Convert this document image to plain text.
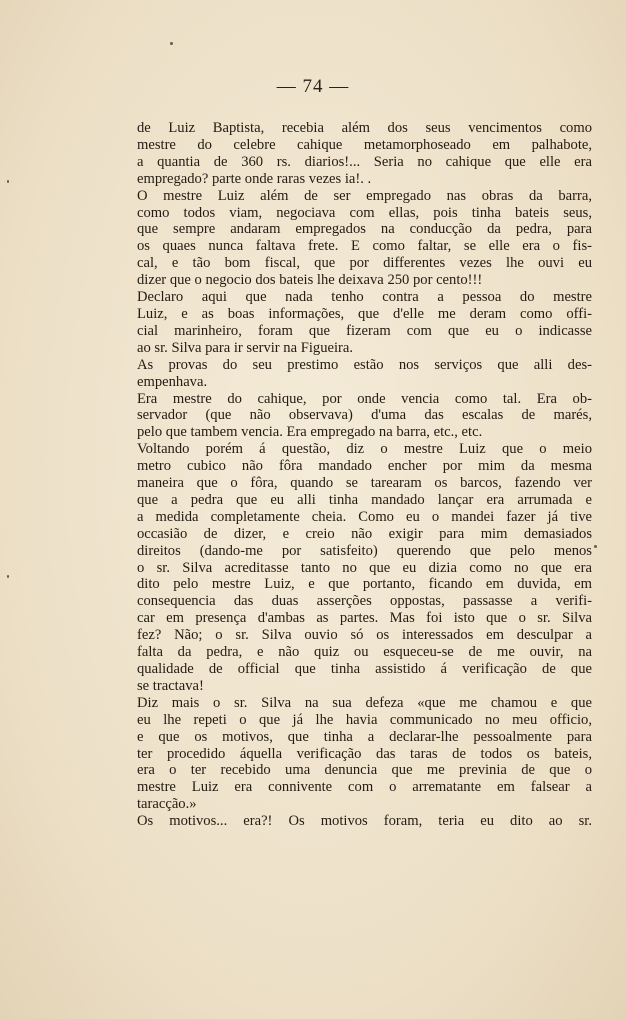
— 74 —
de Luiz Baptista, recebia além dos seus vencimentos como
mestre do celebre cahique metamorphoseado em palhabote,
a quantia de 360 rs. diarios!... Seria no cahique que elle era
empregado? parte onde raras vezes ia!. .
O mestre Luiz além de ser empregado nas obras da barra,
como todos viam, negociava com ellas, pois tinha bateis seus,
que sempre andaram empregados na conducção da pedra, para
os quaes nunca faltava frete. E como faltar, se elle era o fis-
cal, e tão bom fiscal, que por differentes vezes lhe ouvi eu
dizer que o negocio dos bateis lhe deixava 250 por cento!!!
Declaro aqui que nada tenho contra a pessoa do mestre
Luiz, e as boas informações, que d'elle me deram como offi-
cial marinheiro, foram que fizeram com que eu o indicasse
ao sr. Silva para ir servir na Figueira.
As provas do seu prestimo estão nos serviços que alli des-
empenhava.
Era mestre do cahique, por onde vencia como tal. Era ob-
servador (que não observava) d'uma das escalas de marés,
pelo que tambem vencia. Era empregado na barra, etc., etc.
Voltando porém á questão, diz o mestre Luiz que o meio
metro cubico não fôra mandado encher por mim da mesma
maneira que o fôra, quando se tarearam os barcos, fazendo ver
que a pedra que eu alli tinha mandado lançar era arrumada e
a medida completamente cheia. Como eu o mandei fazer já tive
occasião de dizer, e creio não exigir para mim demasiados
direitos (dando-me por satisfeito) querendo que pelo menos
o sr. Silva acreditasse tanto no que eu dizia como no que era
dito pelo mestre Luiz, e que portanto, ficando em duvida, em
consequencia das duas asserções oppostas, passasse a verifi-
car em presença d'ambas as partes. Mas foi isto que o sr. Silva
fez? Não; o sr. Silva ouvio só os interessados em desculpar a
falta da pedra, e não quiz ou esqueceu-se de me ouvir, na
qualidade de official que tinha assistido á verificação de que
se tractava!
Diz mais o sr. Silva na sua defeza «que me chamou e que
eu lhe repeti o que já lhe havia communicado no meu officio,
e que os motivos, que tinha a declarar-lhe pessoalmente para
ter procedido áquella verificação das taras de todos os bateis,
era o ter recebido uma denuncia que me previnia de que o
mestre Luiz era connivente com o arrematante em falsear a
taracção.»
Os motivos... era?! Os motivos foram, teria eu dito ao sr.
